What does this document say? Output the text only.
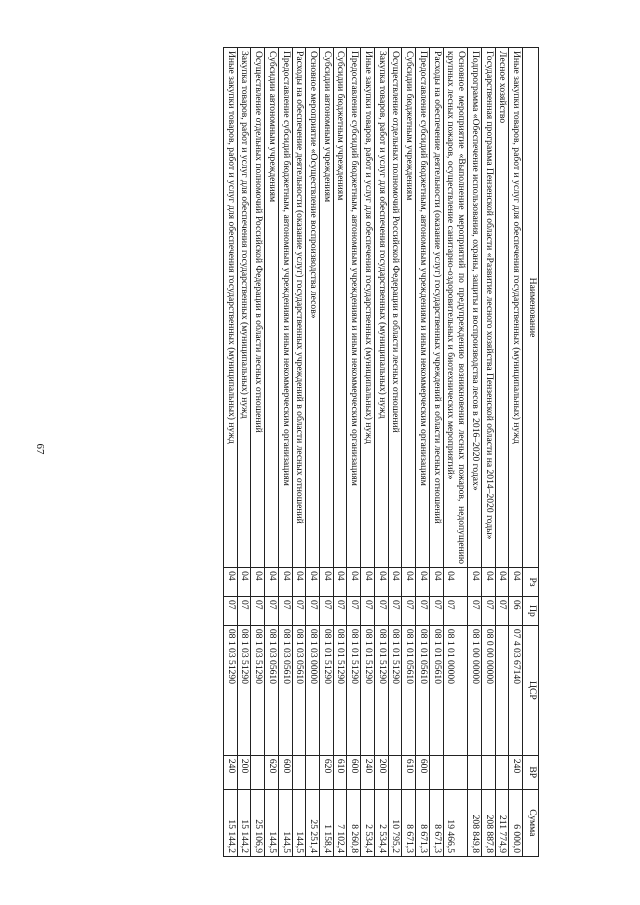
67
Наименование	Рз	Пр	ЦСР	ВР	Сумма
Иные закупки товаров, работ и услуг для обеспечения государственных (муниципальных) нужд	04	06	07 4 03 67140	240	6 000,0
Лесное хозяйство	04	07			211 774,9
Государственная программа Пензенской области «Развитие лесного хозяйства Пензенской области на 2014–2020 годы»	04	07	08 0 00 00000		208 887,8
Подпрограмма «Обеспечение использования, охраны, защиты и воспроизводства лесов в 2016–2020 годах»	04	07	08 1 00 00000		208 849,8
Основное мероприятие «Выполнение мероприятий по предупреждению возникновения лесных пожаров, недопущению крупных лесных пожаров, осуществление санитарно-оздоровительных и биотехнических мероприятий»	04	07	08 1 01 00000		19 466,5
Расходы на обеспечение деятельности (оказание услуг) государственных учреждений в области лесных отношений	04	07	08 1 01 05610		8 671,3
Предоставление субсидий бюджетным, автономным учреждениям и иным некоммерческим организациям	04	07	08 1 01 05610	600	8 671,3
Субсидии бюджетным учреждениям	04	07	08 1 01 05610	610	8 671,3
Осуществление отдельных полномочий Российской Федерации в области лесных отношений	04	07	08 1 01 51290		10 795,2
Закупка товаров, работ и услуг для обеспечения государственных (муниципальных) нужд	04	07	08 1 01 51290	200	2 534,4
Иные закупки товаров, работ и услуг для обеспечения государственных (муниципальных) нужд	04	07	08 1 01 51290	240	2 534,4
Предоставление субсидий бюджетным, автономным учреждениям и иным некоммерческим организациям	04	07	08 1 01 51290	600	8 260,8
Субсидии бюджетным учреждениям	04	07	08 1 01 51290	610	7 102,4
Субсидии автономным учреждениям	04	07	08 1 01 51290	620	1 158,4
Основное мероприятие «Осуществление воспроизводства лесов»	04	07	08 1 03 00000		25 251,4
Расходы на обеспечение деятельности (оказание услуг) государственных учреждений в области лесных отношений	04	07	08 1 03 05610		144,5
Предоставление субсидий бюджетным, автономным учреждениям и иным некоммерческим организациям	04	07	08 1 03 05610	600	144,5
Субсидии автономным учреждениям	04	07	08 1 03 05610	620	144,5
Осуществление отдельных полномочий Российской Федерации в области лесных отношений	04	07	08 1 03 51290		25 106,9
Закупка товаров, работ и услуг для обеспечения государственных (муниципальных) нужд	04	07	08 1 03 51290	200	15 144,2
Иные закупки товаров, работ и услуг для обеспечения государственных (муниципальных) нужд	04	07	08 1 03 51290	240	15 144,2
